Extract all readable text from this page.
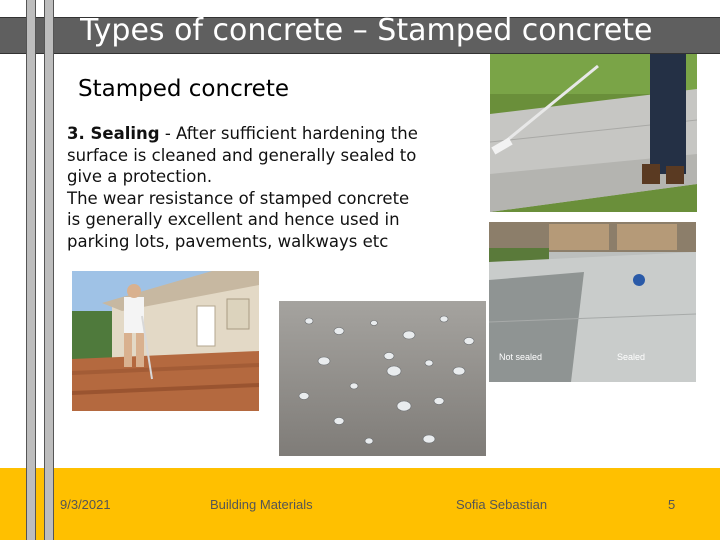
Types of concrete – Stamped concrete
Stamped concrete

3. Sealing - After sufficient hardening the surface is cleaned and generally sealed to give a protection.
The wear resistance of stamped concrete is generally excellent and hence used in parking lots, pavements, walkways etc

Not sealed	Sealed
9/3/2021	Building Materials	Sofia Sebastian	5
